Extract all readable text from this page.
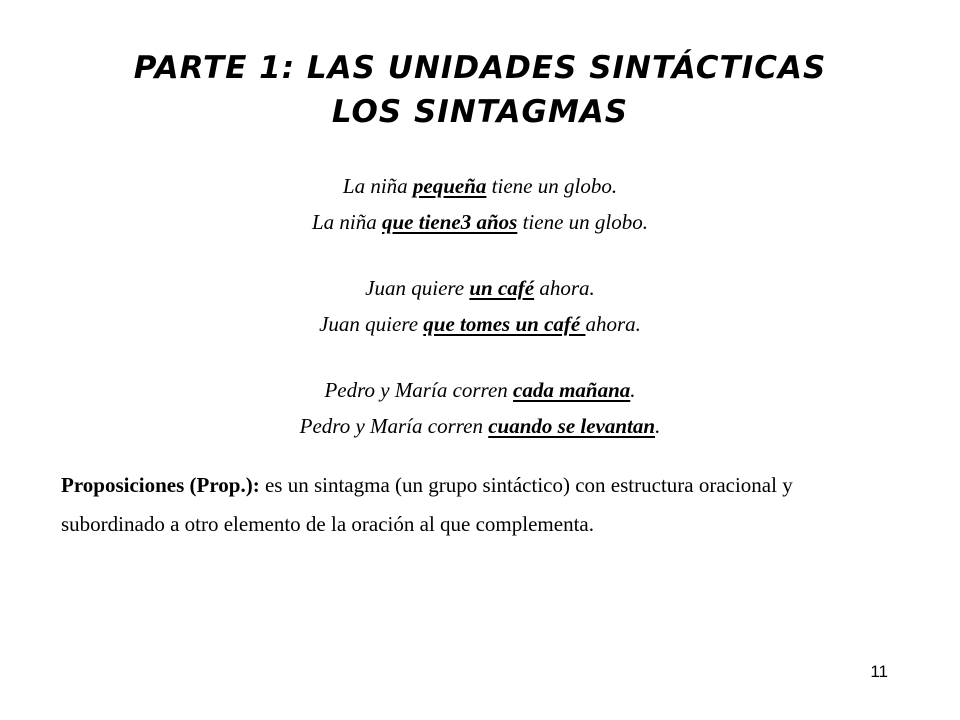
PARTE 1: LAS UNIDADES SINTÁCTICAS
LOS SINTAGMAS
La niña pequeña tiene un globo.
La niña que tiene3 años tiene un globo.
Juan quiere un café ahora.
Juan quiere que tomes un café ahora.
Pedro y María corren cada mañana.
Pedro y María corren cuando se levantan.
Proposiciones (Prop.): es un sintagma (un grupo sintáctico) con estructura oracional y subordinado a otro elemento de la oración al que complementa.
11
